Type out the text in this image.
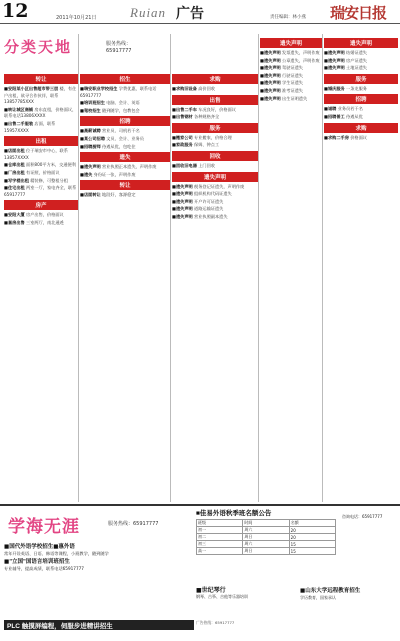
12	2011年10月21日	Ruian 广告	责任编辑：林小燕 瑞安日报
分类天地	服务热线：
65917777
转让
■安阳某小区出售超市带三层 楼，有住户出租，欲寻合作伙伴，联系13857785XXX
■转让城区商铺 房东直租，价格面议，联系电话13806XXXX
■出售二手服装 店面，联系15957XXXX
出租
■店面出租 位于瑞安市中心，联系13857XXXX
■仓库出租 面积800平方米，交通便利
■厂房出租 有证照，价格面议
■写字楼出租 精装修，可整租分租
■住宅出租 两室一厅，家电齐全，联系65917777
房产
■安阳大厦 房产出售，价格面议
■套房出售 三室两厅，南北通透
招生
■瑞安职业学校招生 学费优惠，联系电话65917777
■培训班招生 电脑、会计、英语
■驾校招生 随到随学，包教包会
招聘
■高薪诚聘 营业员、司机若干名
■某公司招聘 文员、会计、业务员
■招聘厨师 待遇从优，包吃住
遗失
■遗失声明 营业执照正本遗失，声明作废
■遗失 身份证一张，声明作废
转让
■店面转让 地段好，客源稳定
求购
■求购旧设备 高价回收
出售
■出售二手车 车况良好，价格面议
■出售钢材 各种规格齐全
服务
■搬家公司 专业搬家，价格合理
■家政服务 保姆、钟点工
回收
■回收旧电器 上门回收
遗失声明
■遗失声明 税务登记证遗失，声明作废
■遗失声明 组织机构代码证遗失
■遗失声明 开户许可证遗失
■遗失声明 道路运输证遗失
■遗失声明 营业执照副本遗失
遗失声明
■遗失声明 发票遗失，声明作废
■遗失声明 公章遗失，声明作废
■遗失声明 驾驶证遗失
■遗失声明 行驶证遗失
■遗失声明 学生证遗失
■遗失声明 准考证遗失
■遗失声明 出生证明遗失
遗失声明
■遗失声明 结婚证遗失
■遗失声明 房产证遗失
■遗失声明 土地证遗失
服务
■婚庆服务 一条龙服务
招聘
■诚聘 业务员若干名
■招聘普工 待遇从优
求购
■求购二手房 价格面议
学海无涯	服务热线：65917777
■国代外语学校招生■惠外语
常年开设英语、日语、韩语等课程，小班教学，随到随学
■"立国"国语言培训班招生
专业辅导，提高成绩，联系电话65917777
PLC 触摸屏编程，伺服步进精讲招生
■佳易外语秋季班名额公告
班级	时间	名额
初一	周六	20
初二	周日	20
初三	周六	15
高一	周日	15
咨询电话：65917777
■世纪琴行
钢琴、古筝、吉他等乐器培训
■山东大学远程教育招生
学历教育，国家承认
广告热线：65917777
